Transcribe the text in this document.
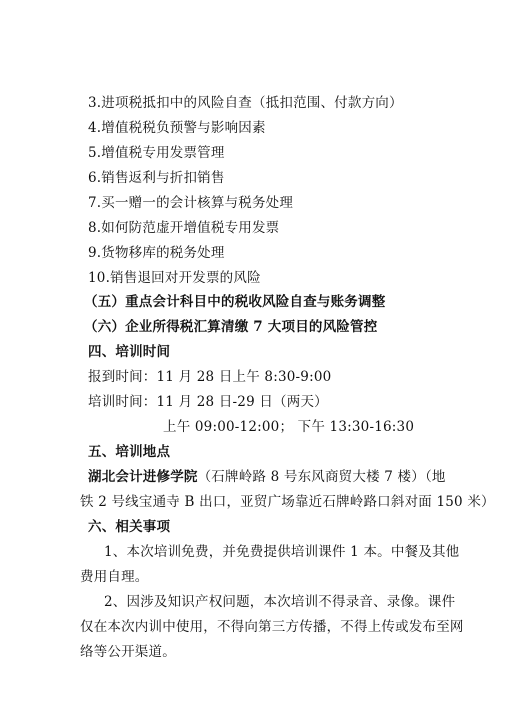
3.进项税抵扣中的风险自查（抵扣范围、付款方向）
4.增值税税负预警与影响因素
5.增值税专用发票管理
6.销售返利与折扣销售
7.买一赠一的会计核算与税务处理
8.如何防范虚开增值税专用发票
9.货物移库的税务处理
10.销售退回对开发票的风险
（五）重点会计科目中的税收风险自查与账务调整
（六）企业所得税汇算清缴 7 大项目的风险管控
四、培训时间
报到时间：11 月 28 日上午 8:30-9:00
培训时间：11 月 28 日-29 日（两天）
上午 09:00-12:00； 下午 13:30-16:30
五、培训地点
湖北会计进修学院（石牌岭路 8 号东风商贸大楼 7 楼）（地
铁 2 号线宝通寺 B 出口，亚贸广场靠近石牌岭路口斜对面 150 米）
六、相关事项
1、本次培训免费，并免费提供培训课件 1 本。中餐及其他
费用自理。
2、因涉及知识产权问题，本次培训不得录音、录像。课件
仅在本次内训中使用，不得向第三方传播，不得上传或发布至网
络等公开渠道。
